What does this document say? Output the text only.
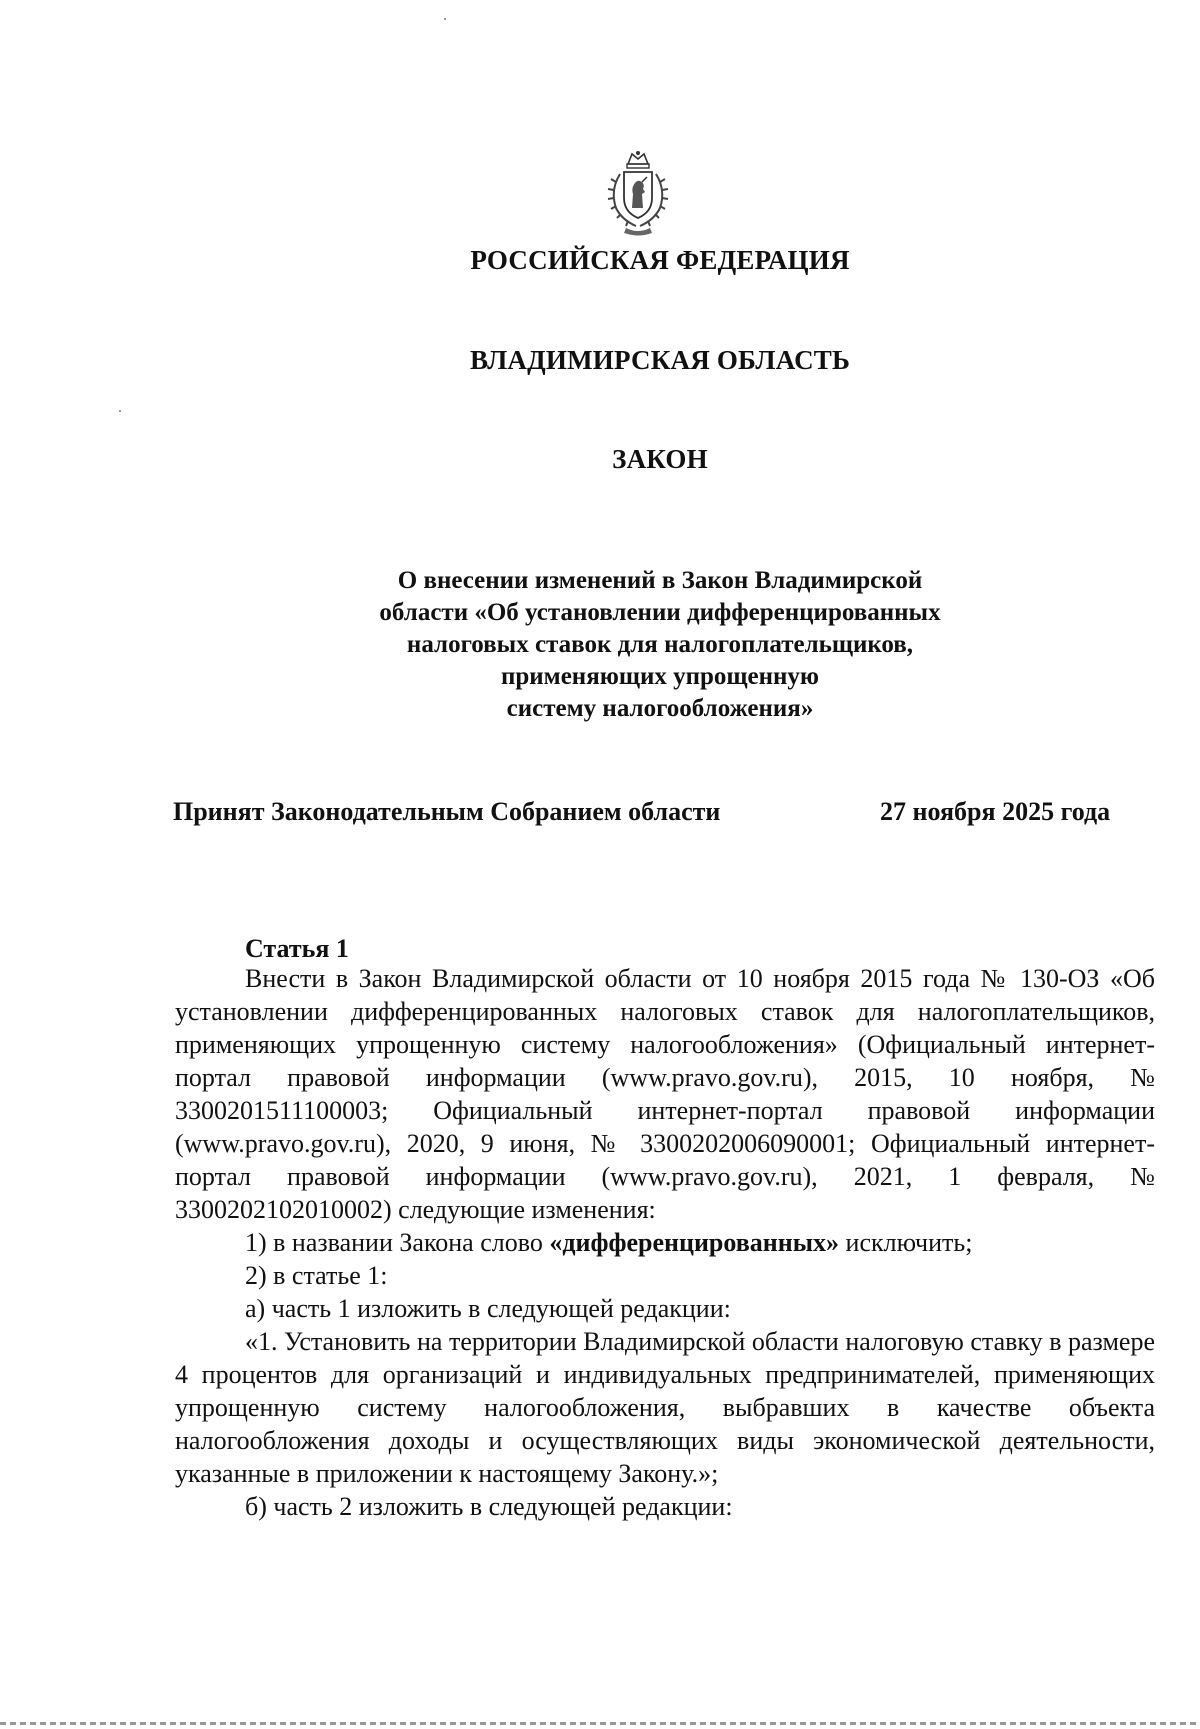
РОССИЙСКАЯ ФЕДЕРАЦИЯ
ВЛАДИМИРСКАЯ ОБЛАСТЬ
ЗАКОН
О внесении изменений в Закон Владимирской
области «Об установлении дифференцированных
налоговых ставок для налогоплательщиков,
применяющих упрощенную
систему налогообложения»
Принят Законодательным Собранием области	27 ноября 2025 года
Статья 1

Внести в Закон Владимирской области от 10 ноября 2015 года № 130-ОЗ «Об установлении дифференцированных налоговых ставок для налогоплательщиков, применяющих упрощенную систему налогообложения» (Официальный интернет-портал правовой информации (www.pravo.gov.ru), 2015, 10 ноября, № 3300201511100003; Официальный интернет-портал правовой информации (www.pravo.gov.ru), 2020, 9 июня, № 3300202006090001; Официальный интернет-портал правовой информации (www.pravo.gov.ru), 2021, 1 февраля, № 3300202102010002) следующие изменения:

1) в названии Закона слово «дифференцированных» исключить;

2) в статье 1:

а) часть 1 изложить в следующей редакции:

«1. Установить на территории Владимирской области налоговую ставку в размере 4 процентов для организаций и индивидуальных предпринимателей, применяющих упрощенную систему налогообложения, выбравших в качестве объекта налогообложения доходы и осуществляющих виды экономической деятельности, указанные в приложении к настоящему Закону.»;

б) часть 2 изложить в следующей редакции:
